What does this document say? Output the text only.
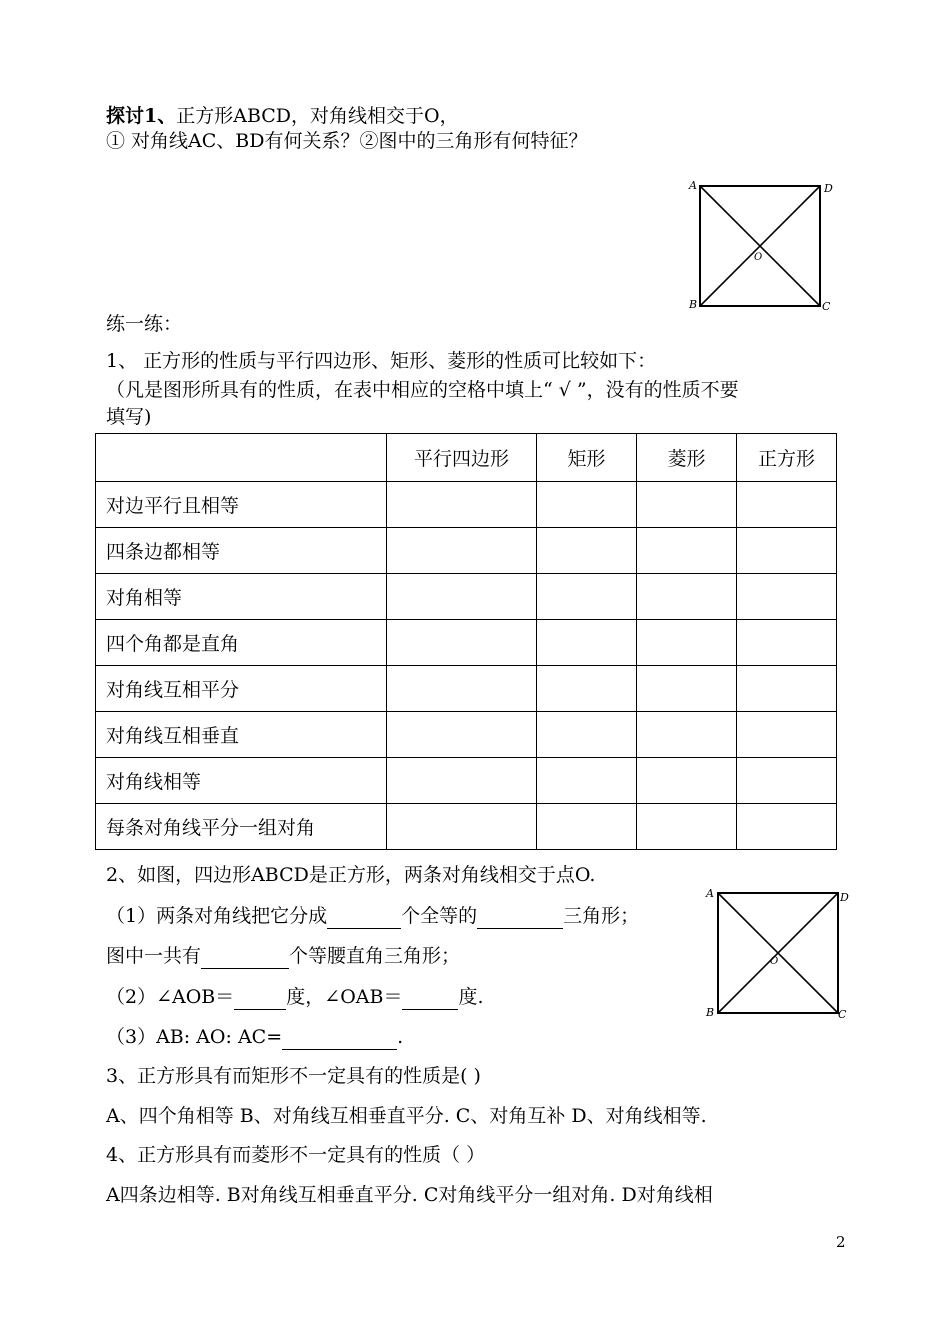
探讨1、正方形ABCD，对角线相交于O，
① 对角线AC、BD有何关系？②图中的三角形有何特征？
A	D
B	C
O
练一练：
1、 正方形的性质与平行四边形、矩形、菱形的性质可比较如下：
（凡是图形所具有的性质，在表中相应的空格中填上“ √ ”，没有的性质不要
填写)
	平行四边形	矩形	菱形	正方形
对边平行且相等				
四条边都相等				
对角相等				
四个角都是直角				
对角线互相平分				
对角线互相垂直				
对角线相等				
每条对角线平分一组对角				
2、如图，四边形ABCD是正方形，两条对角线相交于点O.
（1）两条对角线把它分成	个全等的	三角形；
图中一共有	个等腰直角三角形；
（2）∠AOB＝	度，∠OAB＝	度.
（3）AB: AO: AC=	.
A	D
B	C
O
3、正方形具有而矩形不一定具有的性质是( )
A、四个角相等 B、对角线互相垂直平分. C、对角互补 D、对角线相等.
4、正方形具有而菱形不一定具有的性质（ ）
A四条边相等. B对角线互相垂直平分. C对角线平分一组对角. D对角线相
2
